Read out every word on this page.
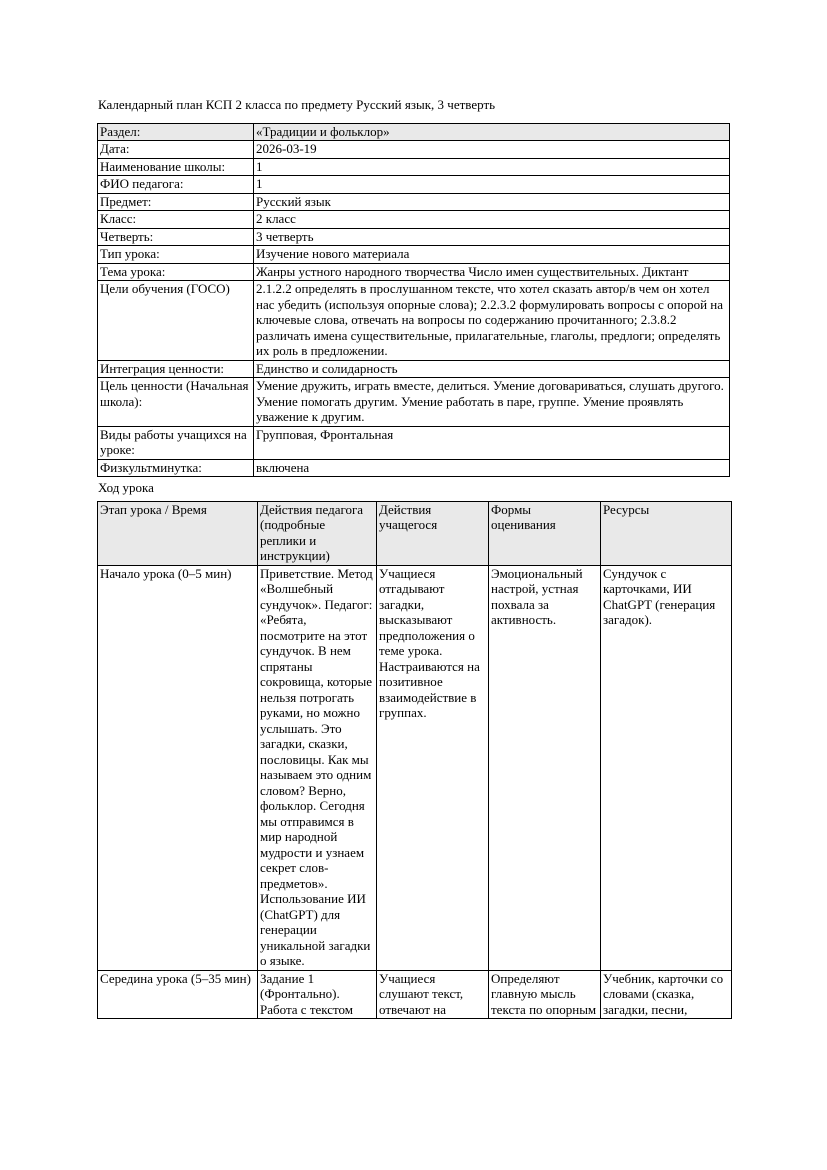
Календарный план КСП 2 класса по предмету Русский язык, 3 четверть

Раздел:	«Традиции и фольклор»
Дата:	2026-03-19
Наименование школы:	1
ФИО педагога:	1
Предмет:	Русский язык
Класс:	2 класс
Четверть:	3 четверть
Тип урока:	Изучение нового материала
Тема урока:	Жанры устного народного творчества Число имен существительных. Диктант
Цели обучения (ГОСО)	2.1.2.2 определять в прослушанном тексте, что хотел сказать автор/в чем он хотел нас убедить (используя опорные слова); 2.2.3.2 формулировать вопросы с опорой на ключевые слова, отвечать на вопросы по содержанию прочитанного; 2.3.8.2 различать имена существительные, прилагательные, глаголы, предлоги; определять их роль в предложении.
Интеграция ценности:	Единство и солидарность
Цель ценности (Начальная школа):	Умение дружить, играть вместе, делиться. Умение договариваться, слушать другого. Умение помогать другим. Умение работать в паре, группе. Умение проявлять уважение к другим.
Виды работы учащихся на уроке:	Групповая, Фронтальная
Физкультминутка:	включена

Ход урока

Этап урока / Время	Действия педагога (подробные реплики и инструкции)	Действия учащегося	Формы оценивания	Ресурсы
Начало урока (0–5 мин)	Приветствие. Метод «Волшебный сундучок». Педагог: «Ребята, посмотрите на этот сундучок. В нем спрятаны сокровища, которые нельзя потрогать руками, но можно услышать. Это загадки, сказки, пословицы. Как мы называем это одним словом? Верно, фольклор. Сегодня мы отправимся в мир народной мудрости и узнаем секрет слов-предметов». Использование ИИ (ChatGPT) для генерации уникальной загадки о языке.	Учащиеся отгадывают загадки, высказывают предположения о теме урока. Настраиваются на позитивное взаимодействие в группах.	Эмоциональный настрой, устная похвала за активность.	Сундучок с карточками, ИИ ChatGPT (генерация загадок).

Середина урока (5–35 мин)	Задание 1 (Фронтально). Работа с текстом	Учащиеся слушают текст, отвечают на	Определяют главную мысль текста по опорным	Учебник, карточки со словами (сказка, загадки, песни,
